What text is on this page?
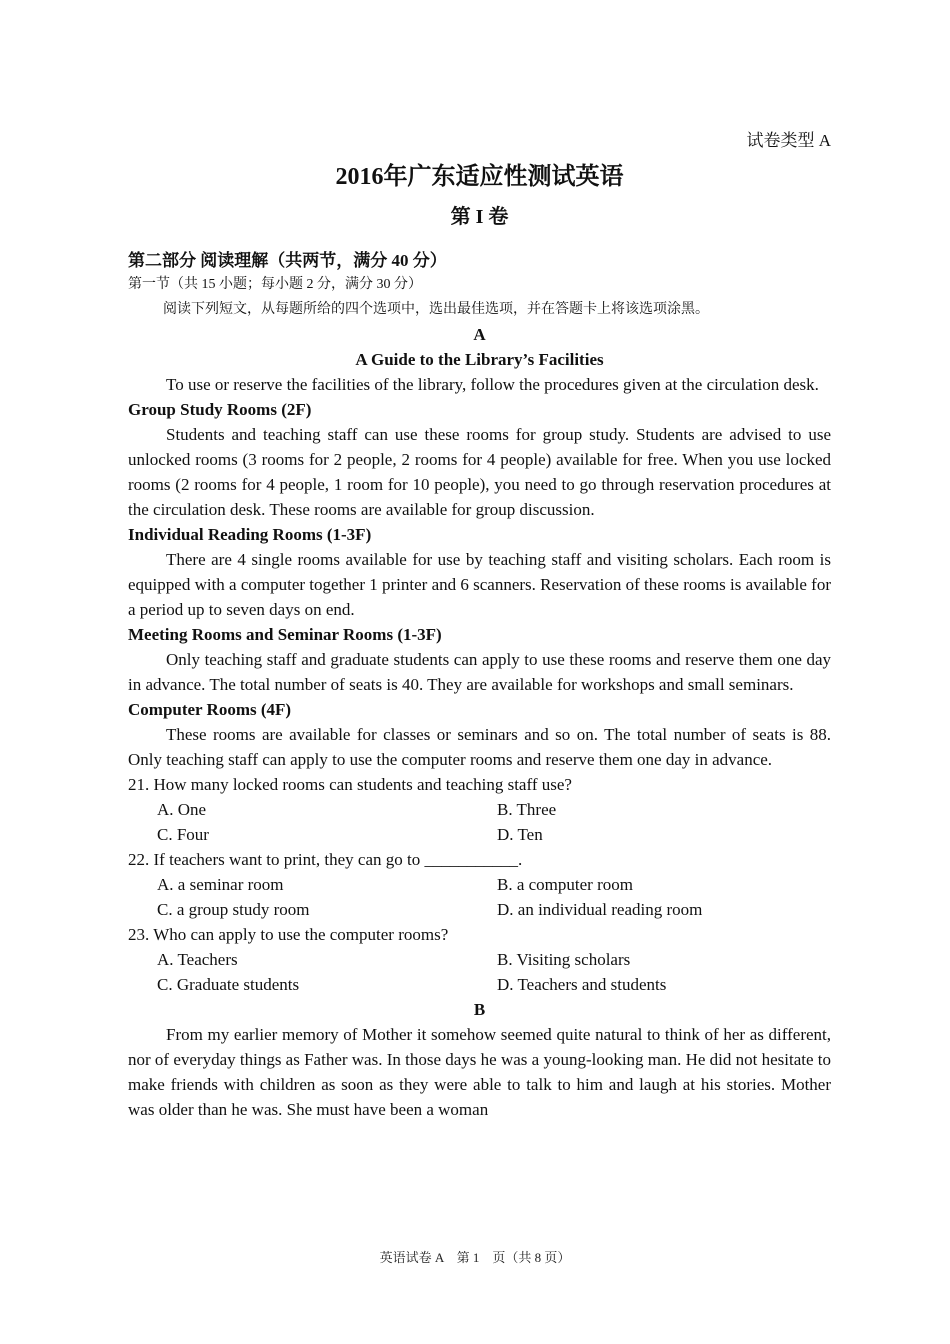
试卷类型 A
2016年广东适应性测试英语
第 I 卷
第二部分 阅读理解（共两节，满分 40 分）
第一节（共 15 小题；每小题 2 分，满分 30 分）
阅读下列短文，从每题所给的四个选项中，选出最佳选项，并在答题卡上将该选项涂黑。
A
A Guide to the Library’s Facilities

To use or reserve the facilities of the library, follow the procedures given at the circulation desk.

Group Study Rooms (2F)

Students and teaching staff can use these rooms for group study. Students are advised to use unlocked rooms (3 rooms for 2 people, 2 rooms for 4 people) available for free. When you use locked rooms (2 rooms for 4 people, 1 room for 10 people), you need to go through reservation procedures at the circulation desk. These rooms are available for group discussion.

Individual Reading Rooms (1-3F)

There are 4 single rooms available for use by teaching staff and visiting scholars. Each room is equipped with a computer together 1 printer and 6 scanners. Reservation of these rooms is available for a period up to seven days on end.

Meeting Rooms and Seminar Rooms (1-3F)

Only teaching staff and graduate students can apply to use these rooms and reserve them one day in advance. The total number of seats is 40. They are available for workshops and small seminars.

Computer Rooms (4F)

These rooms are available for classes or seminars and so on. The total number of seats is 88. Only teaching staff can apply to use the computer rooms and reserve them one day in advance.

21. How many locked rooms can students and teaching staff use?
A. One	B. Three
C. Four	D. Ten
22. If teachers want to print, they can go to ___________.
A. a seminar room	B. a computer room
C. a group study room	D. an individual reading room
23. Who can apply to use the computer rooms?
A. Teachers	B. Visiting scholars
C. Graduate students	D. Teachers and students
B

From my earlier memory of Mother it somehow seemed quite natural to think of her as different, nor of everyday things as Father was. In those days he was a young-looking man. He did not hesitate to make friends with children as soon as they were able to talk to him and laugh at his stories. Mother was older than he was. She must have been a woman

英语试卷 A　第 1　页（共 8 页）
